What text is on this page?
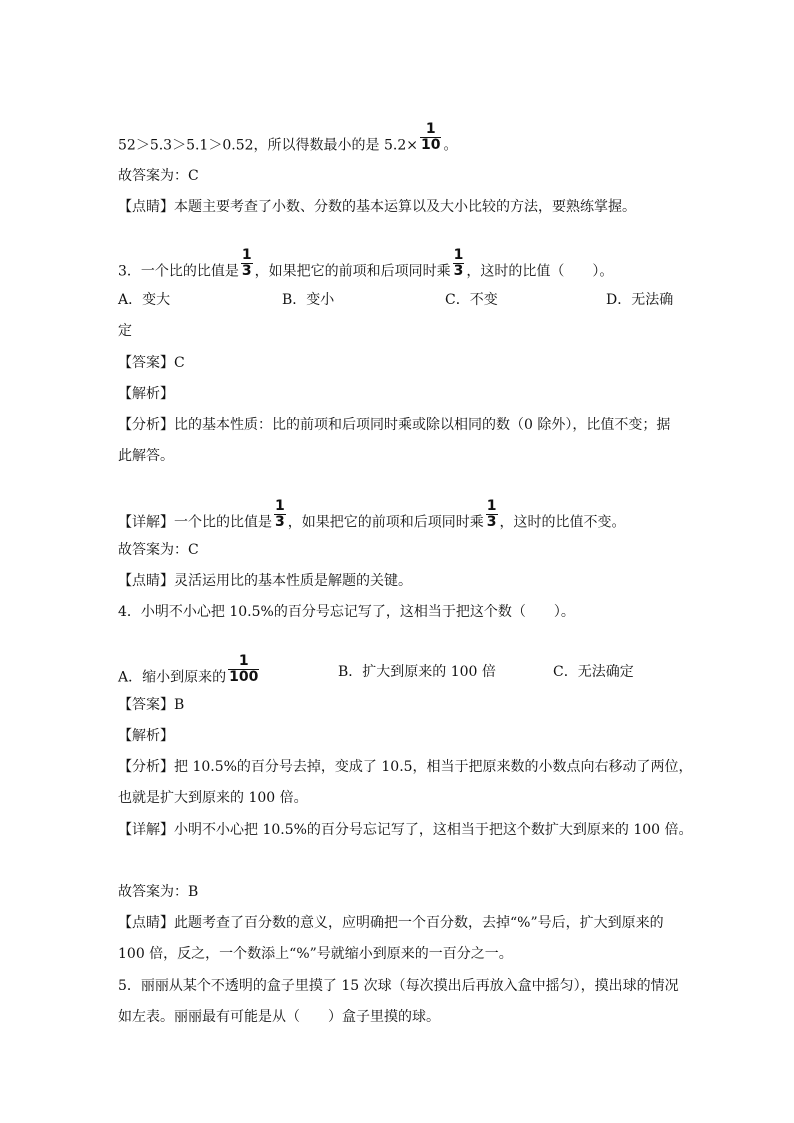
52＞5.3＞5.1＞0.52，所以得数最小的是 $5.2\times \frac{1}{10}$ 。
故答案为：C
【点睛】本题主要考查了小数、分数的基本运算以及大小比较的方法，要熟练掌握。
3．一个比的比值是 $\frac{1}{3}$ ，如果把它的前项和后项同时乘 $\frac{1}{3}$ ，这时的比值（　　）。
A．变大	B．变小	C．不变	D．无法确
定
【答案】C
【解析】
【分析】比的基本性质：比的前项和后项同时乘或除以相同的数（0 除外），比值不变；据
此解答。
【详解】一个比的比值是 $\frac{1}{3}$ ，如果把它的前项和后项同时乘 $\frac{1}{3}$ ，这时的比值不变。
故答案为：C
【点睛】灵活运用比的基本性质是解题的关键。
4．小明不小心把 10.5%的百分号忘记写了，这相当于把这个数（　　）。
A．缩小到原来的 $\frac{1}{100}$	B．扩大到原来的 100 倍	C．无法确定
【答案】B
【解析】
【分析】把 10.5%的百分号去掉，变成了 10.5，相当于把原来数的小数点向右移动了两位，
也就是扩大到原来的 100 倍。
【详解】小明不小心把 10.5%的百分号忘记写了，这相当于把这个数扩大到原来的 100 倍。
故答案为：B
【点睛】此题考查了百分数的意义，应明确把一个百分数，去掉“%”号后，扩大到原来的
100 倍，反之，一个数添上“%”号就缩小到原来的一百分之一。
5．丽丽从某个不透明的盒子里摸了 15 次球（每次摸出后再放入盒中摇匀），摸出球的情况
如左表。丽丽最有可能是从（　　）盒子里摸的球。
